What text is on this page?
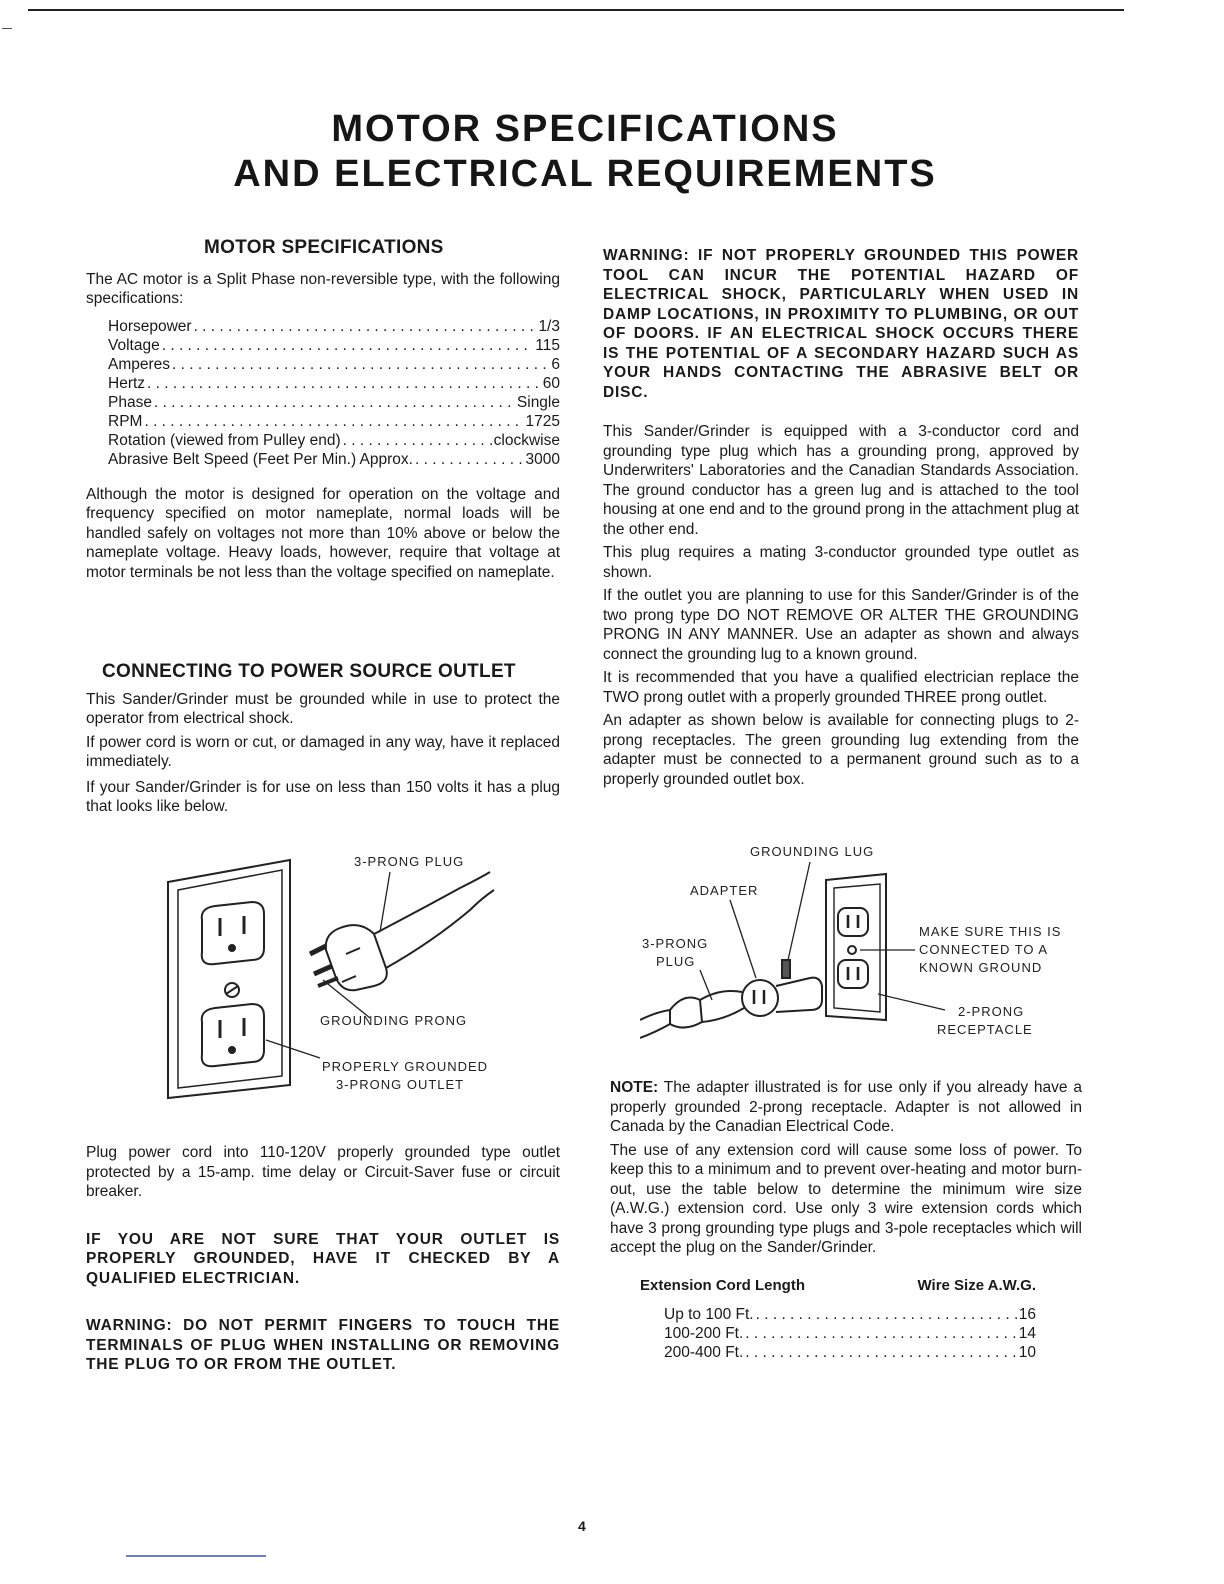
MOTOR SPECIFICATIONS
AND ELECTRICAL REQUIREMENTS
MOTOR SPECIFICATIONS

The AC motor is a Split Phase non-reversible type, with the following specifications:

Horsepower . . .	1/3
Voltage . . .	115
Amperes . . .	6
Hertz . . .	60
Phase . . .	Single
RPM . . .	1725
Rotation (viewed from Pulley end) . . .	clockwise
Abrasive Belt Speed (Feet Per Min.) Approx. . . .	3000

Although the motor is designed for operation on the voltage and frequency specified on motor nameplate, normal loads will be handled safely on voltages not more than 10% above or below the nameplate voltage. Heavy loads, however, require that voltage at motor terminals be not less than the voltage specified on nameplate.

CONNECTING TO POWER SOURCE OUTLET

This Sander/Grinder must be grounded while in use to protect the operator from electrical shock.

If power cord is worn or cut, or damaged in any way, have it replaced immediately.

If your Sander/Grinder is for use on less than 150 volts it has a plug that looks like below.

3-PRONG PLUG
GROUNDING PRONG
PROPERLY GROUNDED
3-PRONG OUTLET

Plug power cord into 110-120V properly grounded type outlet protected by a 15-amp. time delay or Circuit-Saver fuse or circuit breaker.

IF YOU ARE NOT SURE THAT YOUR OUTLET IS PROPERLY GROUNDED, HAVE IT CHECKED BY A QUALIFIED ELECTRICIAN.

WARNING: DO NOT PERMIT FINGERS TO TOUCH THE TERMINALS OF PLUG WHEN INSTALLING OR REMOVING THE PLUG TO OR FROM THE OUTLET.

WARNING: IF NOT PROPERLY GROUNDED THIS POWER TOOL CAN INCUR THE POTENTIAL HAZARD OF ELECTRICAL SHOCK, PARTICULARLY WHEN USED IN DAMP LOCATIONS, IN PROXIMITY TO PLUMBING, OR OUT OF DOORS. IF AN ELECTRICAL SHOCK OCCURS THERE IS THE POTENTIAL OF A SECONDARY HAZARD SUCH AS YOUR HANDS CONTACTING THE ABRASIVE BELT OR DISC.

This Sander/Grinder is equipped with a 3-conductor cord and grounding type plug which has a grounding prong, approved by Underwriters' Laboratories and the Canadian Standards Association. The ground conductor has a green lug and is attached to the tool housing at one end and to the ground prong in the attachment plug at the other end.

This plug requires a mating 3-conductor grounded type outlet as shown.

If the outlet you are planning to use for this Sander/Grinder is of the two prong type DO NOT REMOVE OR ALTER THE GROUNDING PRONG IN ANY MANNER. Use an adapter as shown and always connect the grounding lug to a known ground.

It is recommended that you have a qualified electrician replace the TWO prong outlet with a properly grounded THREE prong outlet.

An adapter as shown below is available for connecting plugs to 2-prong receptacles. The green grounding lug extending from the adapter must be connected to a permanent ground such as to a properly grounded outlet box.

GROUNDING LUG
ADAPTER
3-PRONG
PLUG
MAKE SURE THIS IS
CONNECTED TO A
KNOWN GROUND
2-PRONG
RECEPTACLE

NOTE: The adapter illustrated is for use only if you already have a properly grounded 2-prong receptacle. Adapter is not allowed in Canada by the Canadian Electrical Code.

The use of any extension cord will cause some loss of power. To keep this to a minimum and to prevent over-heating and motor burn-out, use the table below to determine the minimum wire size (A.W.G.) extension cord. Use only 3 wire extension cords which have 3 prong grounding type plugs and 3-pole receptacles which will accept the plug on the Sander/Grinder.

Extension Cord Length	Wire Size A.W.G.
Up to 100 Ft. . . .	16
100-200 Ft. . . .	14
200-400 Ft. . . .	10
4
